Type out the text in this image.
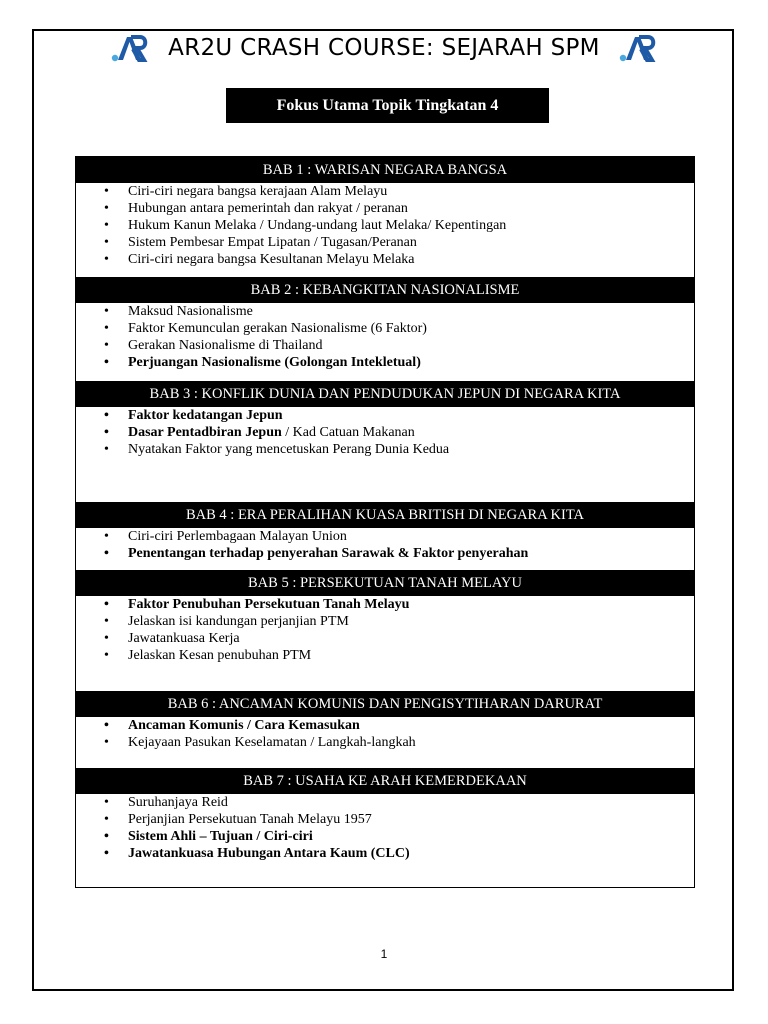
AR2U CRASH COURSE: SEJARAH SPM
Fokus Utama Topik Tingkatan 4
BAB 1 : WARISAN NEGARA BANGSA
• Ciri-ciri negara bangsa kerajaan Alam Melayu
• Hubungan antara pemerintah dan rakyat / peranan
• Hukum Kanun Melaka / Undang-undang laut Melaka/ Kepentingan
• Sistem Pembesar Empat Lipatan / Tugasan/Peranan
• Ciri-ciri negara bangsa Kesultanan Melayu Melaka
BAB 2 : KEBANGKITAN NASIONALISME
• Maksud Nasionalisme
• Faktor Kemunculan gerakan Nasionalisme (6 Faktor)
• Gerakan Nasionalisme di Thailand
• Perjuangan Nasionalisme (Golongan Intekletual)
BAB 3 : KONFLIK DUNIA DAN PENDUDUKAN JEPUN DI NEGARA KITA
• Faktor kedatangan Jepun
• Dasar Pentadbiran Jepun / Kad Catuan Makanan
• Nyatakan Faktor yang mencetuskan Perang Dunia Kedua
BAB 4 : ERA PERALIHAN KUASA BRITISH DI NEGARA KITA
• Ciri-ciri Perlembagaan Malayan Union
• Penentangan terhadap penyerahan Sarawak & Faktor penyerahan
BAB 5 : PERSEKUTUAN TANAH MELAYU
• Faktor Penubuhan Persekutuan Tanah Melayu
• Jelaskan isi kandungan perjanjian PTM
• Jawatankuasa Kerja
• Jelaskan Kesan penubuhan PTM
BAB 6 : ANCAMAN KOMUNIS DAN PENGISYTIHARAN DARURAT
• Ancaman Komunis / Cara Kemasukan
• Kejayaan Pasukan Keselamatan / Langkah-langkah
BAB 7 : USAHA KE ARAH KEMERDEKAAN
• Suruhanjaya Reid
• Perjanjian Persekutuan Tanah Melayu 1957
• Sistem Ahli – Tujuan / Ciri-ciri
• Jawatankuasa Hubungan Antara Kaum (CLC)
1
